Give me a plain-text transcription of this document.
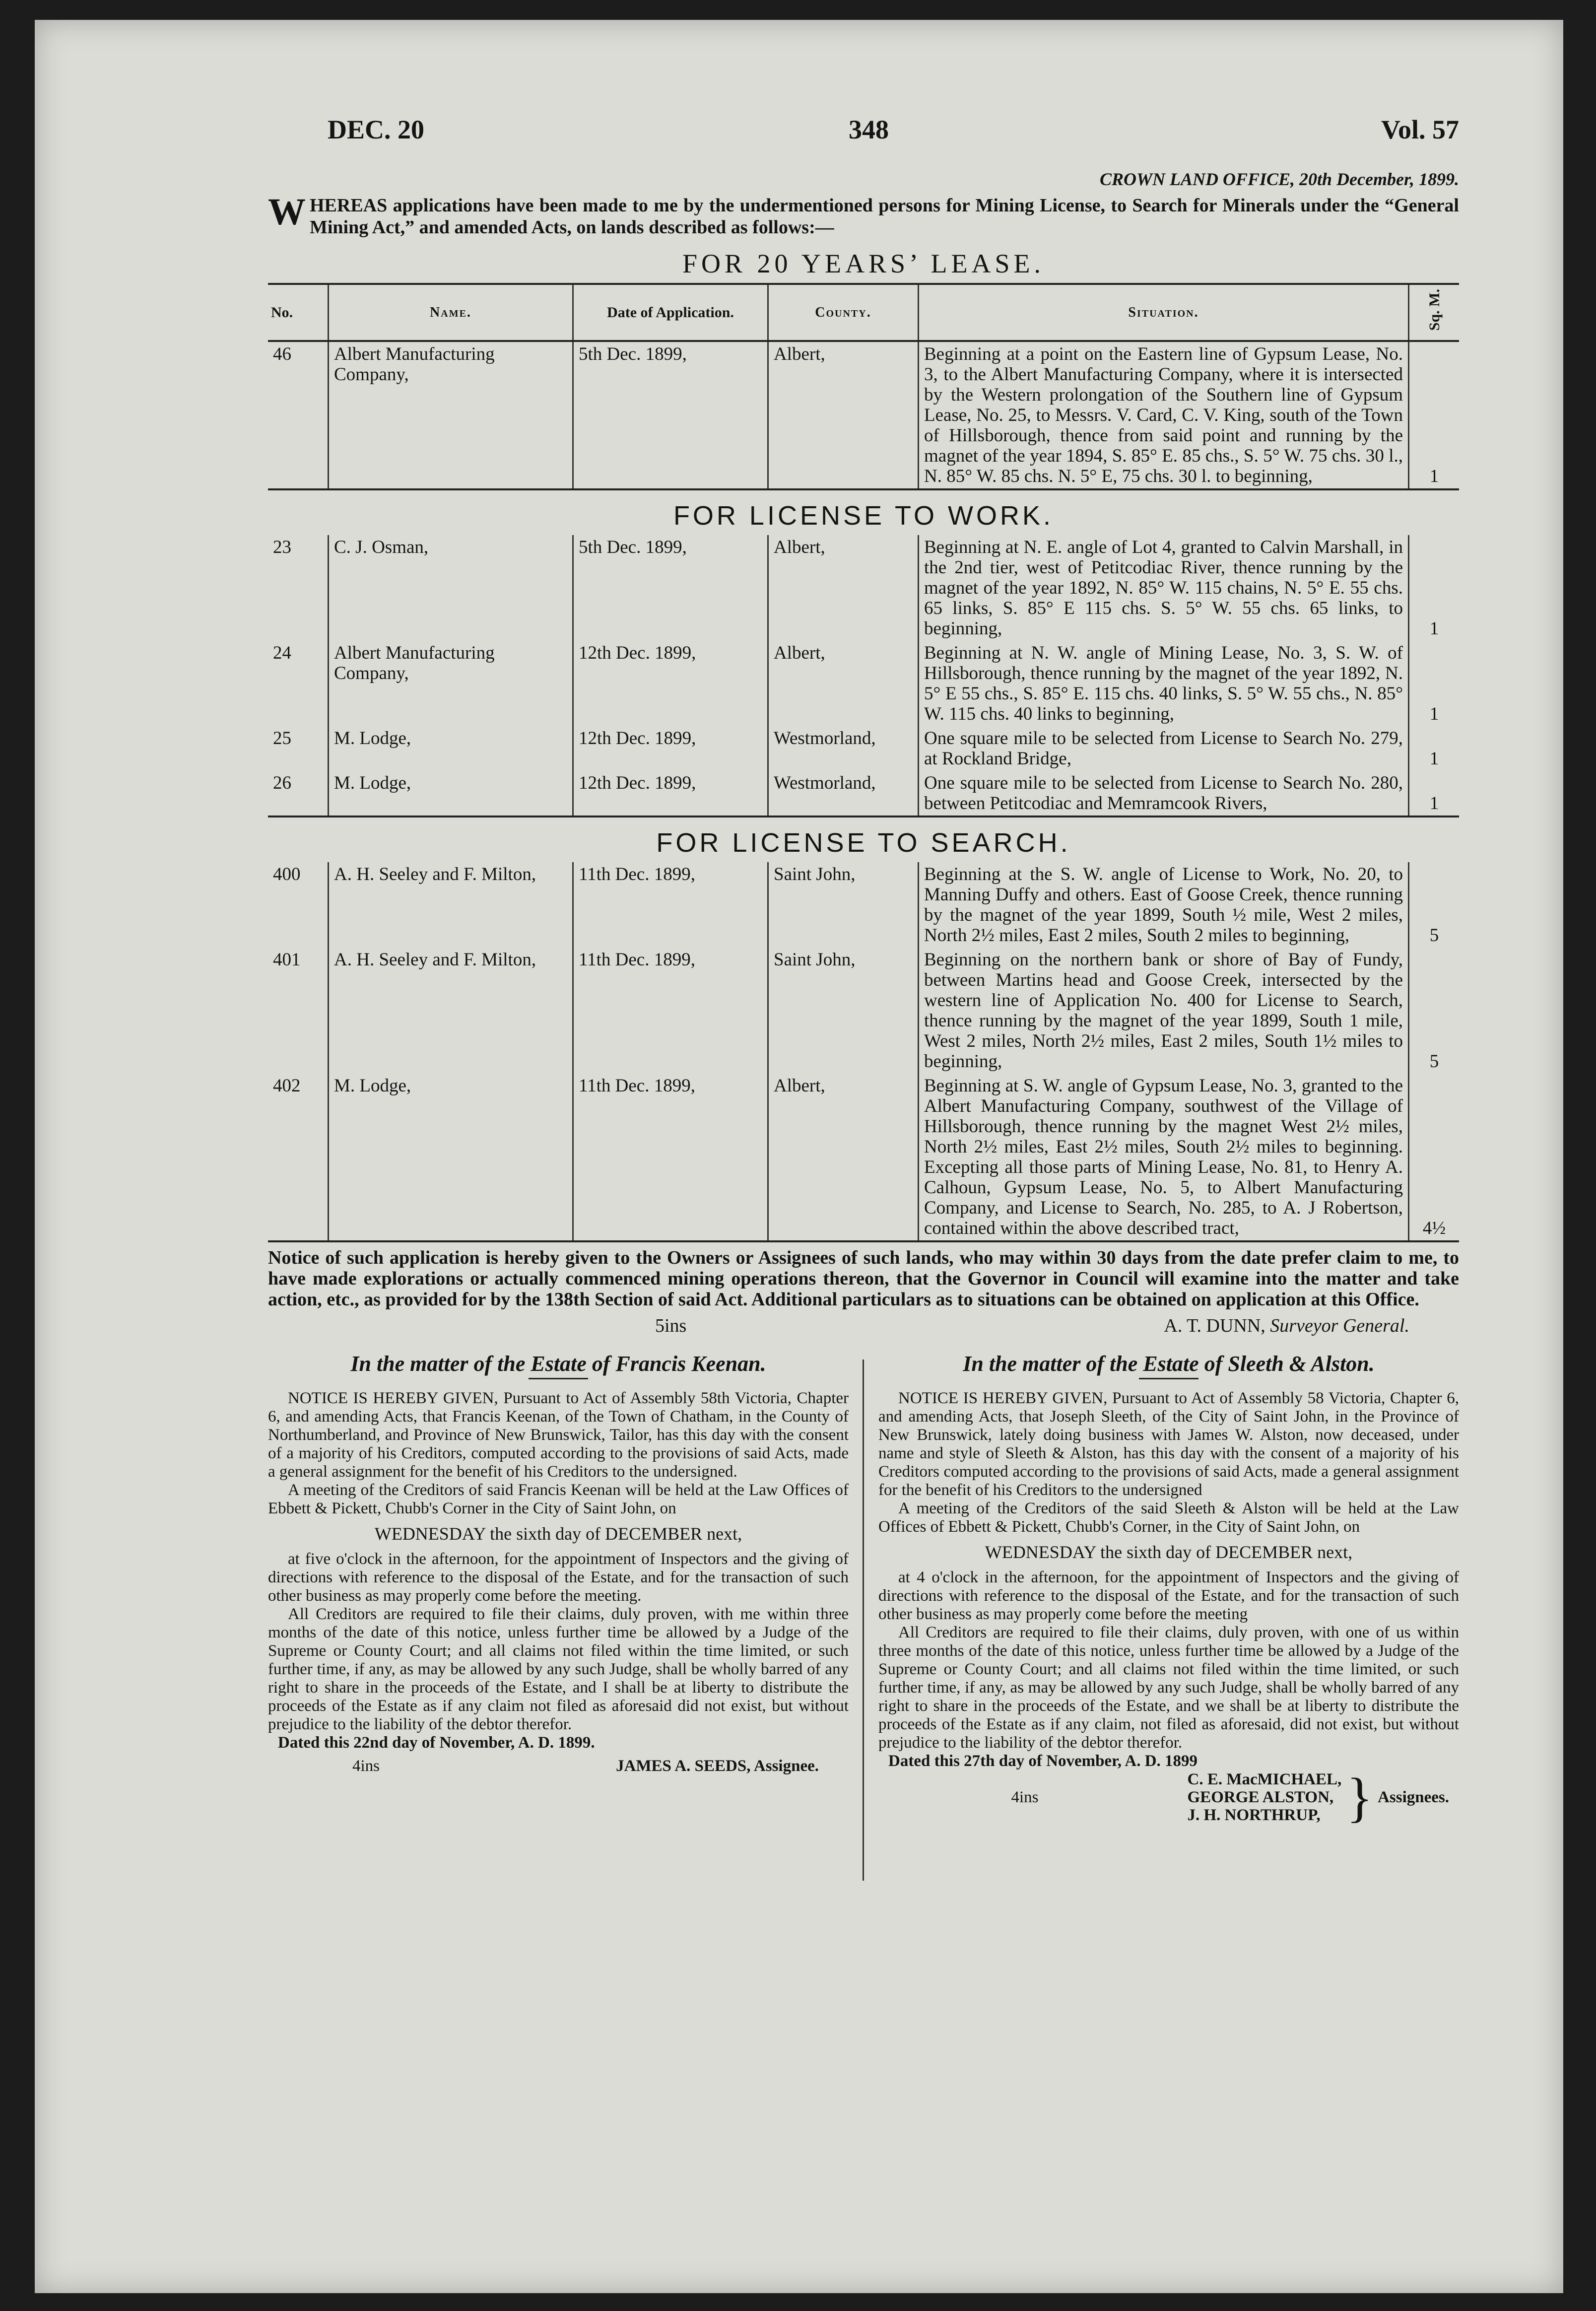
DEC. 20	348	Vol. 57
CROWN LAND OFFICE, 20th December, 1899.
WHEREAS applications have been made to me by the undermentioned persons for Mining License, to Search for Minerals under the “General Mining Act,” and amended Acts, on lands described as follows:—
FOR 20 YEARS’ LEASE.
No.	Name.	Date of Application.	County.	Situation.	Sq. M.
46	Albert Manufacturing Company,	5th Dec. 1899,	Albert,	Beginning at a point on the Eastern line of Gypsum Lease, No. 3, to the Albert Manufacturing Company, where it is intersected by the Western prolongation of the Southern line of Gypsum Lease, No. 25, to Messrs. V. Card, C. V. King, south of the Town of Hillsborough, thence from said point and running by the magnet of the year 1894, S. 85° E. 85 chs., S. 5° W. 75 chs. 30 l., N. 85° W. 85 chs. N. 5° E, 75 chs. 30 l. to beginning,	1
FOR LICENSE TO WORK.
23	C. J. Osman,	5th Dec. 1899,	Albert,	Beginning at N. E. angle of Lot 4, granted to Calvin Marshall, in the 2nd tier, west of Petitcodiac River, thence running by the magnet of the year 1892, N. 85° W. 115 chains, N. 5° E. 55 chs. 65 links, S. 85° E 115 chs. S. 5° W. 55 chs. 65 links, to beginning,	1
24	Albert Manufacturing Company,	12th Dec. 1899,	Albert,	Beginning at N. W. angle of Mining Lease, No. 3, S. W. of Hillsborough, thence running by the magnet of the year 1892, N. 5° E 55 chs., S. 85° E. 115 chs. 40 links, S. 5° W. 55 chs., N. 85° W. 115 chs. 40 links to beginning,	1
25	M. Lodge,	12th Dec. 1899,	Westmorland,	One square mile to be selected from License to Search No. 279, at Rockland Bridge,	1
26	M. Lodge,	12th Dec. 1899,	Westmorland,	One square mile to be selected from License to Search No. 280, between Petitcodiac and Memramcook Rivers,	1
FOR LICENSE TO SEARCH.
400	A. H. Seeley and F. Milton,	11th Dec. 1899,	Saint John,	Beginning at the S. W. angle of License to Work, No. 20, to Manning Duffy and others. East of Goose Creek, thence running by the magnet of the year 1899, South ½ mile, West 2 miles, North 2½ miles, East 2 miles, South 2 miles to beginning,	5
401	A. H. Seeley and F. Milton,	11th Dec. 1899,	Saint John,	Beginning on the northern bank or shore of Bay of Fundy, between Martins head and Goose Creek, intersected by the western line of Application No. 400 for License to Search, thence running by the magnet of the year 1899, South 1 mile, West 2 miles, North 2½ miles, East 2 miles, South 1½ miles to beginning,	5
402	M. Lodge,	11th Dec. 1899,	Albert,	Beginning at S. W. angle of Gypsum Lease, No. 3, granted to the Albert Manufacturing Company, southwest of the Village of Hillsborough, thence running by the magnet West 2½ miles, North 2½ miles, East 2½ miles, South 2½ miles to beginning. Excepting all those parts of Mining Lease, No. 81, to Henry A. Calhoun, Gypsum Lease, No. 5, to Albert Manufacturing Company, and License to Search, No. 285, to A. J Robertson, contained within the above described tract,	4½
Notice of such application is hereby given to the Owners or Assignees of such lands, who may within 30 days from the date prefer claim to me, to have made explorations or actually commenced mining operations thereon, that the Governor in Council will examine into the matter and take action, etc., as provided for by the 138th Section of said Act. Additional particulars as to situations can be obtained on application at this Office.
5ins	A. T. DUNN, Surveyor General.
In the matter of the Estate of Francis Keenan.

NOTICE IS HEREBY GIVEN, Pursuant to Act of Assembly 58th Victoria, Chapter 6, and amending Acts, that Francis Keenan, of the Town of Chatham, in the County of Northumberland, and Province of New Brunswick, Tailor, has this day with the consent of a majority of his Creditors, computed according to the provisions of said Acts, made a general assignment for the benefit of his Creditors to the undersigned.

A meeting of the Creditors of said Francis Keenan will be held at the Law Offices of Ebbett & Pickett, Chubb's Corner in the City of Saint John, on

WEDNESDAY the sixth day of DECEMBER next,

at five o'clock in the afternoon, for the appointment of Inspectors and the giving of directions with reference to the disposal of the Estate, and for the transaction of such other business as may properly come before the meeting.

All Creditors are required to file their claims, duly proven, with me within three months of the date of this notice, unless further time be allowed by a Judge of the Supreme or County Court; and all claims not filed within the time limited, or such further time, if any, as may be allowed by any such Judge, shall be wholly barred of any right to share in the proceeds of the Estate, and I shall be at liberty to distribute the proceeds of the Estate as if any claim not filed as aforesaid did not exist, but without prejudice to the liability of the debtor therefor.

Dated this 22nd day of November, A. D. 1899.

4ins	JAMES A. SEEDS, Assignee.
In the matter of the Estate of Sleeth & Alston.

NOTICE IS HEREBY GIVEN, Pursuant to Act of Assembly 58 Victoria, Chapter 6, and amending Acts, that Joseph Sleeth, of the City of Saint John, in the Province of New Brunswick, lately doing business with James W. Alston, now deceased, under name and style of Sleeth & Alston, has this day with the consent of a majority of his Creditors computed according to the provisions of said Acts, made a general assignment for the benefit of his Creditors to the undersigned

A meeting of the Creditors of the said Sleeth & Alston will be held at the Law Offices of Ebbett & Pickett, Chubb's Corner, in the City of Saint John, on

WEDNESDAY the sixth day of DECEMBER next,

at 4 o'clock in the afternoon, for the appointment of Inspectors and the giving of directions with reference to the disposal of the Estate, and for the transaction of such other business as may properly come before the meeting

All Creditors are required to file their claims, duly proven, with one of us within three months of the date of this notice, unless further time be allowed by a Judge of the Supreme or County Court; and all claims not filed within the time limited, or such further time, if any, as may be allowed by any such Judge, shall be wholly barred of any right to share in the proceeds of the Estate, and we shall be at liberty to distribute the proceeds of the Estate as if any claim, not filed as aforesaid, did not exist, but without prejudice to the liability of the debtor therefor.

Dated this 27th day of November, A. D. 1899

4ins
C. E. MacMICHAEL,
GEORGE ALSTON,
J. H. NORTHRUP, } Assignees.
